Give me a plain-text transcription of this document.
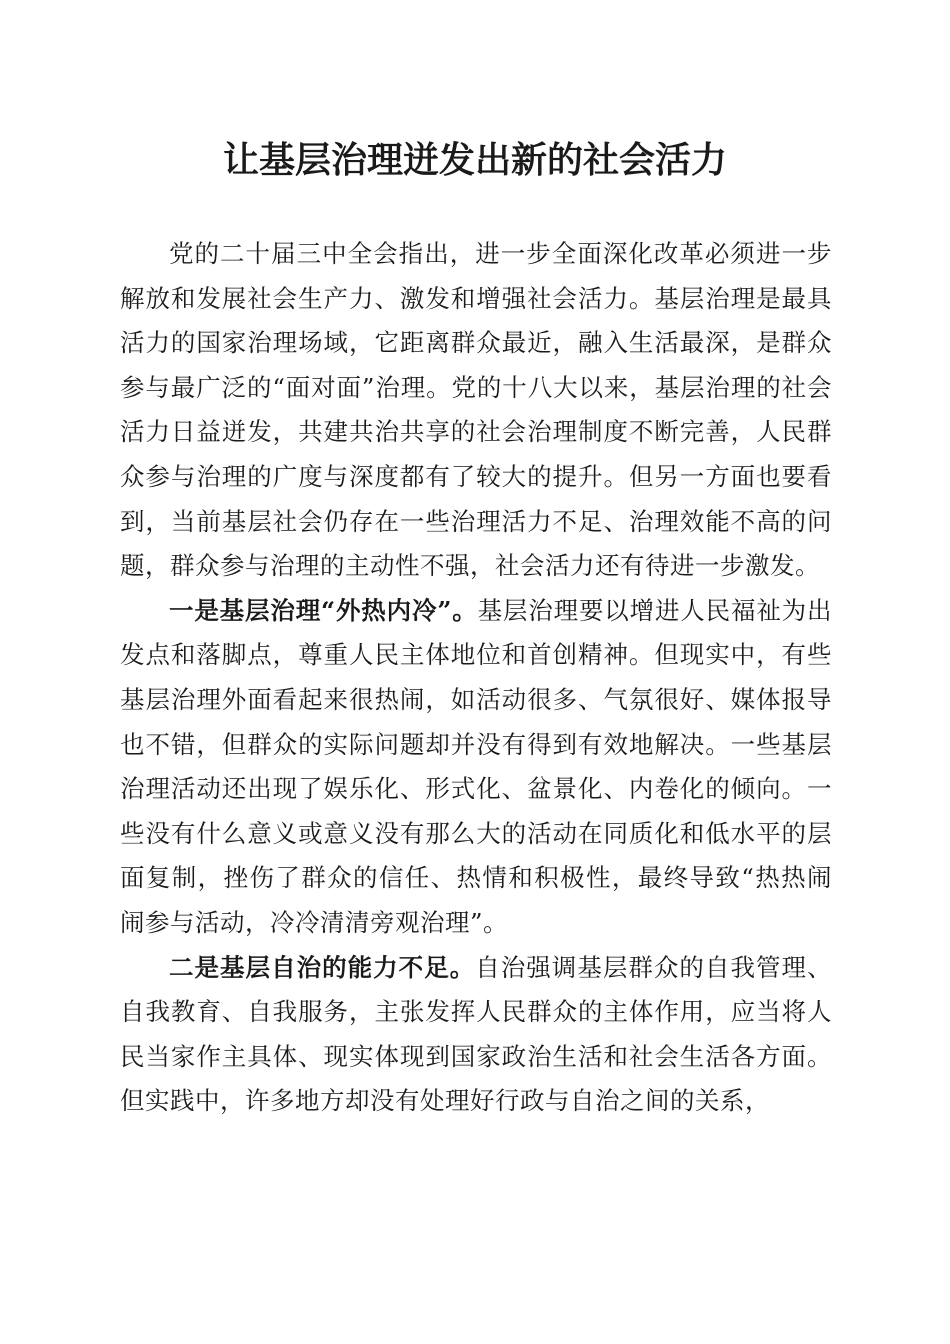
让基层治理迸发出新的社会活力

党的二十届三中全会指出，进一步全面深化改革必须进一步解放和发展社会生产力、激发和增强社会活力。基层治理是最具活力的国家治理场域，它距离群众最近，融入生活最深，是群众参与最广泛的“面对面”治理。党的十八大以来，基层治理的社会活力日益迸发，共建共治共享的社会治理制度不断完善，人民群众参与治理的广度与深度都有了较大的提升。但另一方面也要看到，当前基层社会仍存在一些治理活力不足、治理效能不高的问题，群众参与治理的主动性不强，社会活力还有待进一步激发。

一是基层治理“外热内冷”。基层治理要以增进人民福祉为出发点和落脚点，尊重人民主体地位和首创精神。但现实中，有些基层治理外面看起来很热闹，如活动很多、气氛很好、媒体报导也不错，但群众的实际问题却并没有得到有效地解决。一些基层治理活动还出现了娱乐化、形式化、盆景化、内卷化的倾向。一些没有什么意义或意义没有那么大的活动在同质化和低水平的层面复制，挫伤了群众的信任、热情和积极性，最终导致“热热闹闹参与活动，冷冷清清旁观治理”。

二是基层自治的能力不足。自治强调基层群众的自我管理、自我教育、自我服务，主张发挥人民群众的主体作用，应当将人民当家作主具体、现实体现到国家政治生活和社会生活各方面。但实践中，许多地方却没有处理好行政与自治之间的关系，
